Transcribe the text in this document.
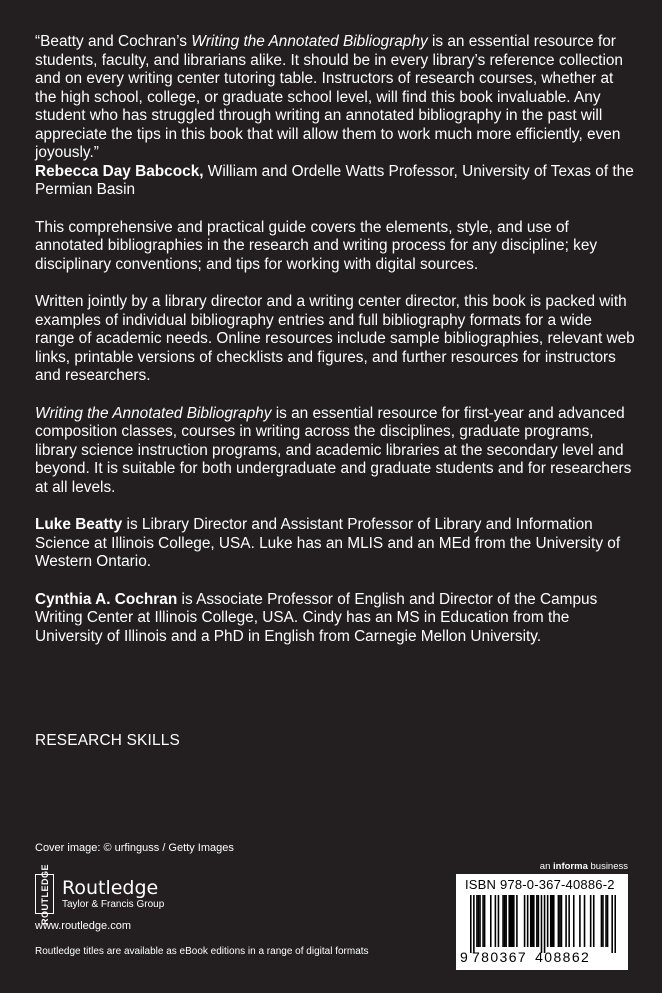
“Beatty and Cochran’s Writing the Annotated Bibliography is an essential resource for students, faculty, and librarians alike. It should be in every library’s reference collection and on every writing center tutoring table. Instructors of research courses, whether at the high school, college, or graduate school level, will find this book invaluable. Any student who has struggled through writing an annotated bibliography in the past will appreciate the tips in this book that will allow them to work much more efficiently, even joyously.”

Rebecca Day Babcock, William and Ordelle Watts Professor, University of Texas of the Permian Basin

This comprehensive and practical guide covers the elements, style, and use of annotated bibliographies in the research and writing process for any discipline; key disciplinary conventions; and tips for working with digital sources.

Written jointly by a library director and a writing center director, this book is packed with examples of individual bibliography entries and full bibliography formats for a wide range of academic needs. Online resources include sample bibliographies, relevant web links, printable versions of checklists and figures, and further resources for instructors and researchers.

Writing the Annotated Bibliography is an essential resource for first-year and advanced composition classes, courses in writing across the disciplines, graduate programs, library science instruction programs, and academic libraries at the secondary level and beyond. It is suitable for both undergraduate and graduate students and for researchers at all levels.

Luke Beatty is Library Director and Assistant Professor of Library and Information Science at Illinois College, USA. Luke has an MLIS and an MEd from the University of Western Ontario.

Cynthia A. Cochran is Associate Professor of English and Director of the Campus Writing Center at Illinois College, USA. Cindy has an MS in Education from the University of Illinois and a PhD in English from Carnegie Mellon University.

RESEARCH SKILLS
Cover image: © urfinguss / Getty Images
ROUTLEDGE Routledge
Taylor & Francis Group
www.routledge.com
Routledge titles are available as eBook editions in a range of digital formats
an informa business
ISBN 978-0-367-40886-2
9 780367 408862
